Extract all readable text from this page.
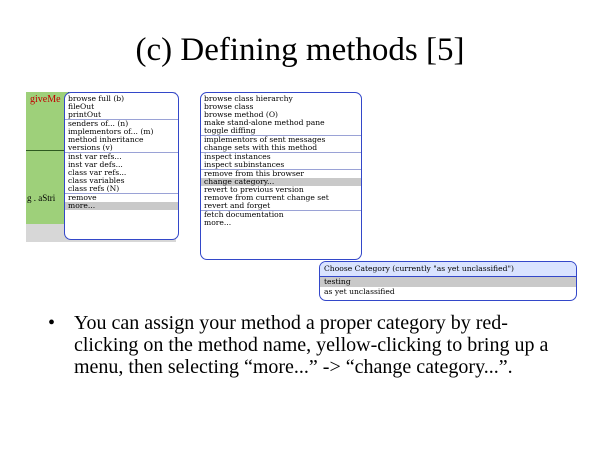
(c) Defining methods [5]
giveMe
g . aStri
browse full (b)
fileOut
printOut
senders of... (n)
implementors of... (m)
method inheritance
versions (v)
inst var refs...
inst var defs...
class var refs...
class variables
class refs (N)
remove
more...
browse class hierarchy
browse class
browse method (O)
make stand-alone method pane
toggle diffing
implementors of sent messages
change sets with this method
inspect instances
inspect subinstances
remove from this browser
change category...
revert to previous version
remove from current change set
revert and forget
fetch documentation
more...
Choose Category (currently "as yet unclassified")
testing
as yet unclassified
• You can assign your method a proper category by red-clicking on the method name, yellow-clicking to bring up a menu, then selecting “more...” -> “change category...”.
